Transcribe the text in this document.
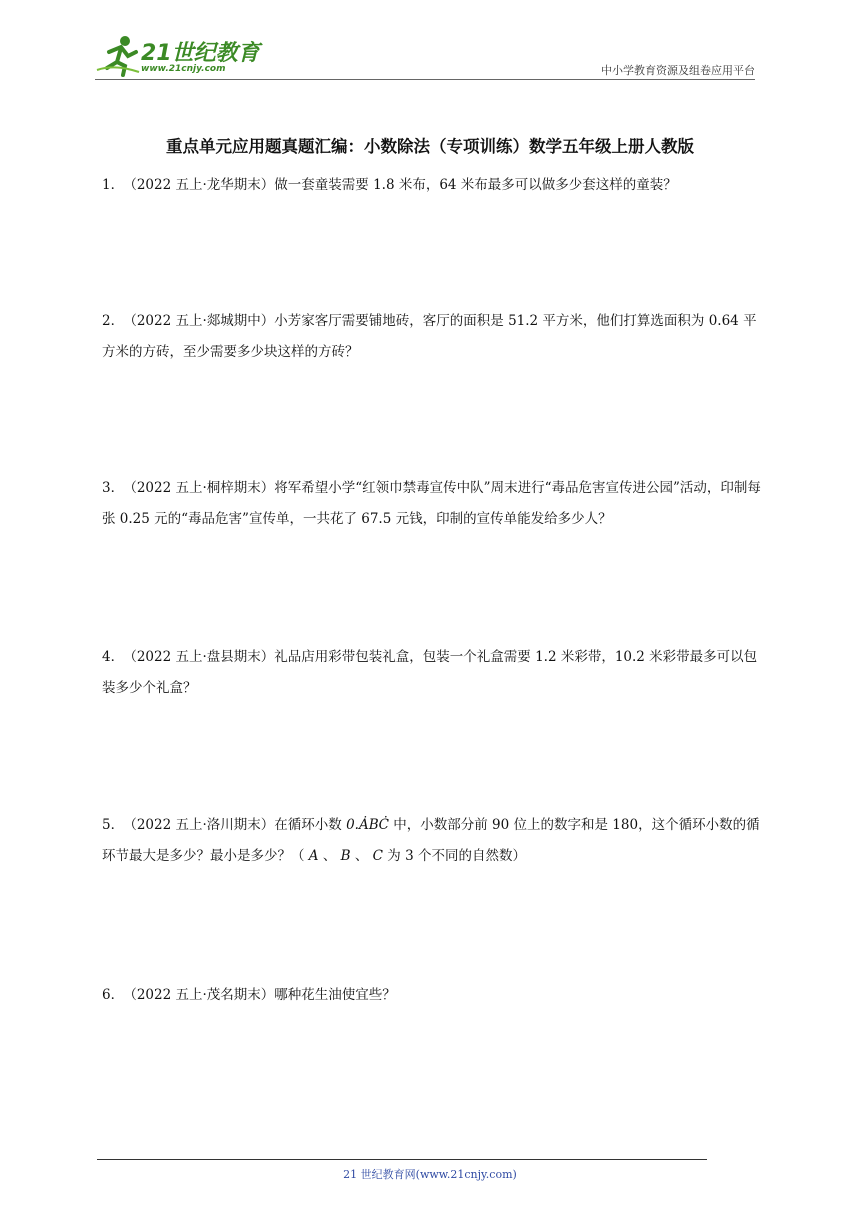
21世纪教育
www.21cnjy.com	中小学教育资源及组卷应用平台
重点单元应用题真题汇编：小数除法（专项训练）数学五年级上册人教版
1． （2022 五上·龙华期末）做一套童装需要 1.8 米布，64 米布最多可以做多少套这样的童装？
2． （2022 五上·郯城期中）小芳家客厅需要铺地砖，客厅的面积是 51.2 平方米，他们打算选面积为 0.64 平方米的方砖，至少需要多少块这样的方砖？
3． （2022 五上·桐梓期末）将军希望小学“红领巾禁毒宣传中队”周末进行“毒品危害宣传进公园”活动，印制每张 0.25 元的“毒品危害”宣传单，一共花了 67.5 元钱，印制的宣传单能发给多少人？
4． （2022 五上·盘县期末）礼品店用彩带包装礼盒，包装一个礼盒需要 1.2 米彩带，10.2 米彩带最多可以包装多少个礼盒？
5． （2022 五上·洛川期末）在循环小数 0.ȦBĊ 中，小数部分前 90 位上的数字和是 180，这个循环小数的循环节最大是多少？最小是多少？（ A 、 B 、 C 为 3 个不同的自然数）
6． （2022 五上·茂名期末）哪种花生油使宜些？
21 世纪教育网(www.21cnjy.com)
